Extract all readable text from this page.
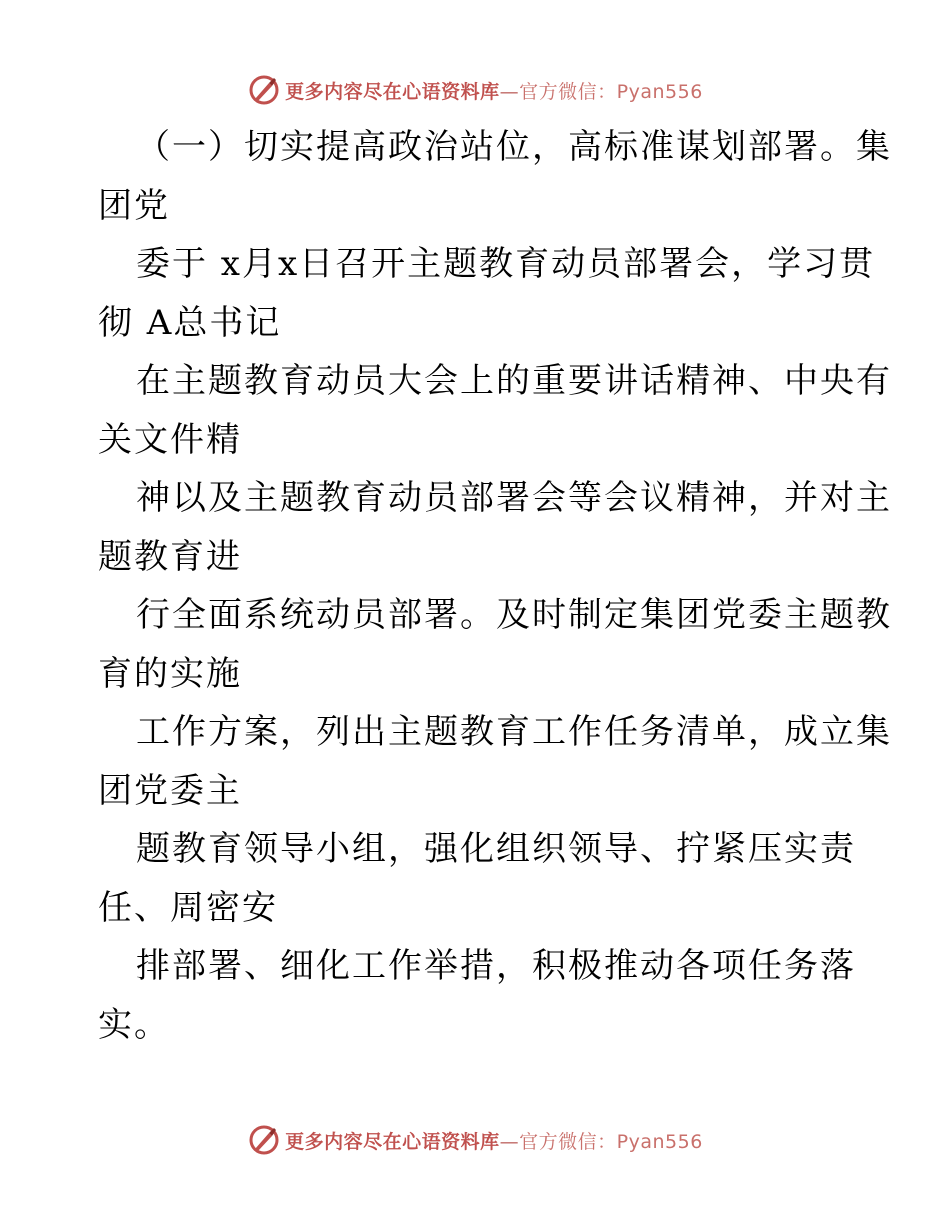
更多内容尽在心语资料库—官方微信：Pyan556
（一）切实提高政治站位，高标准谋划部署。集
团党
委于 x月x日召开主题教育动员部署会，学习贯
彻 A总书记
在主题教育动员大会上的重要讲话精神、中央有
关文件精
神以及主题教育动员部署会等会议精神，并对主
题教育进
行全面系统动员部署。及时制定集团党委主题教
育的实施
工作方案，列出主题教育工作任务清单，成立集
团党委主
题教育领导小组，强化组织领导、拧紧压实责
任、周密安
排部署、细化工作举措，积极推动各项任务落
实。
更多内容尽在心语资料库—官方微信：Pyan556
